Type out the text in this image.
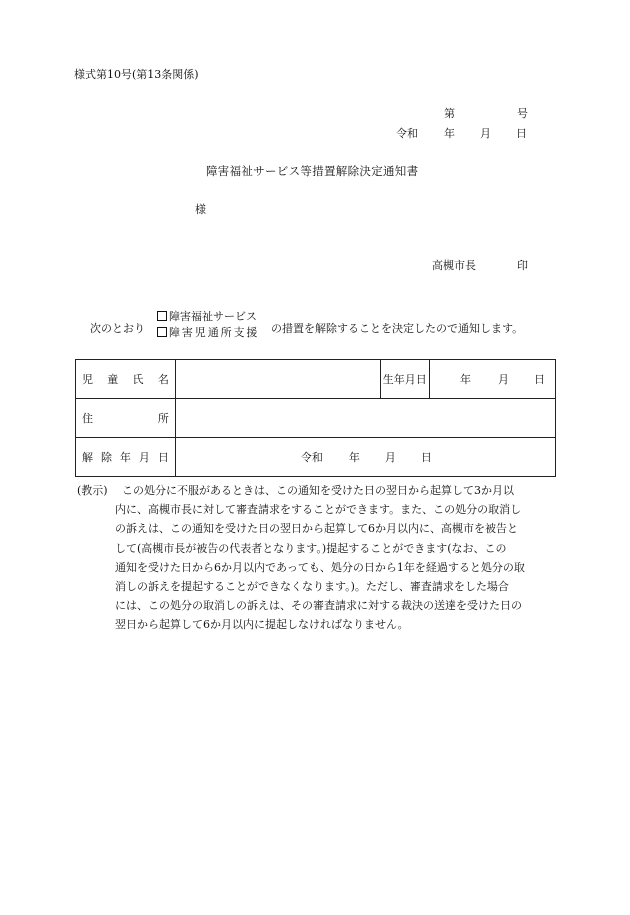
様式第10号(第13条関係)
第	号
令和 年 月 日
障害福祉サービス等措置解除決定通知書
様
高槻市長	印
次のとおり
障害福祉サービス
障害児通所支援 の措置を解除することを決定したので通知します。
児童氏名		生年月日	年 月 日

住所			
解除年月日	令和 年 月 日		
(教示)	この処分に不服があるときは、この通知を受けた日の翌日から起算して3か月以
内に、高槻市長に対して審査請求をすることができます。また、この処分の取消し
の訴えは、この通知を受けた日の翌日から起算して6か月以内に、高槻市を被告と
して(高槻市長が被告の代表者となります。)提起することができます(なお、この
通知を受けた日から6か月以内であっても、処分の日から1年を経過すると処分の取
消しの訴えを提起することができなくなります。)。ただし、審査請求をした場合
には、この処分の取消しの訴えは、その審査請求に対する裁決の送達を受けた日の
翌日から起算して6か月以内に提起しなければなりません。
